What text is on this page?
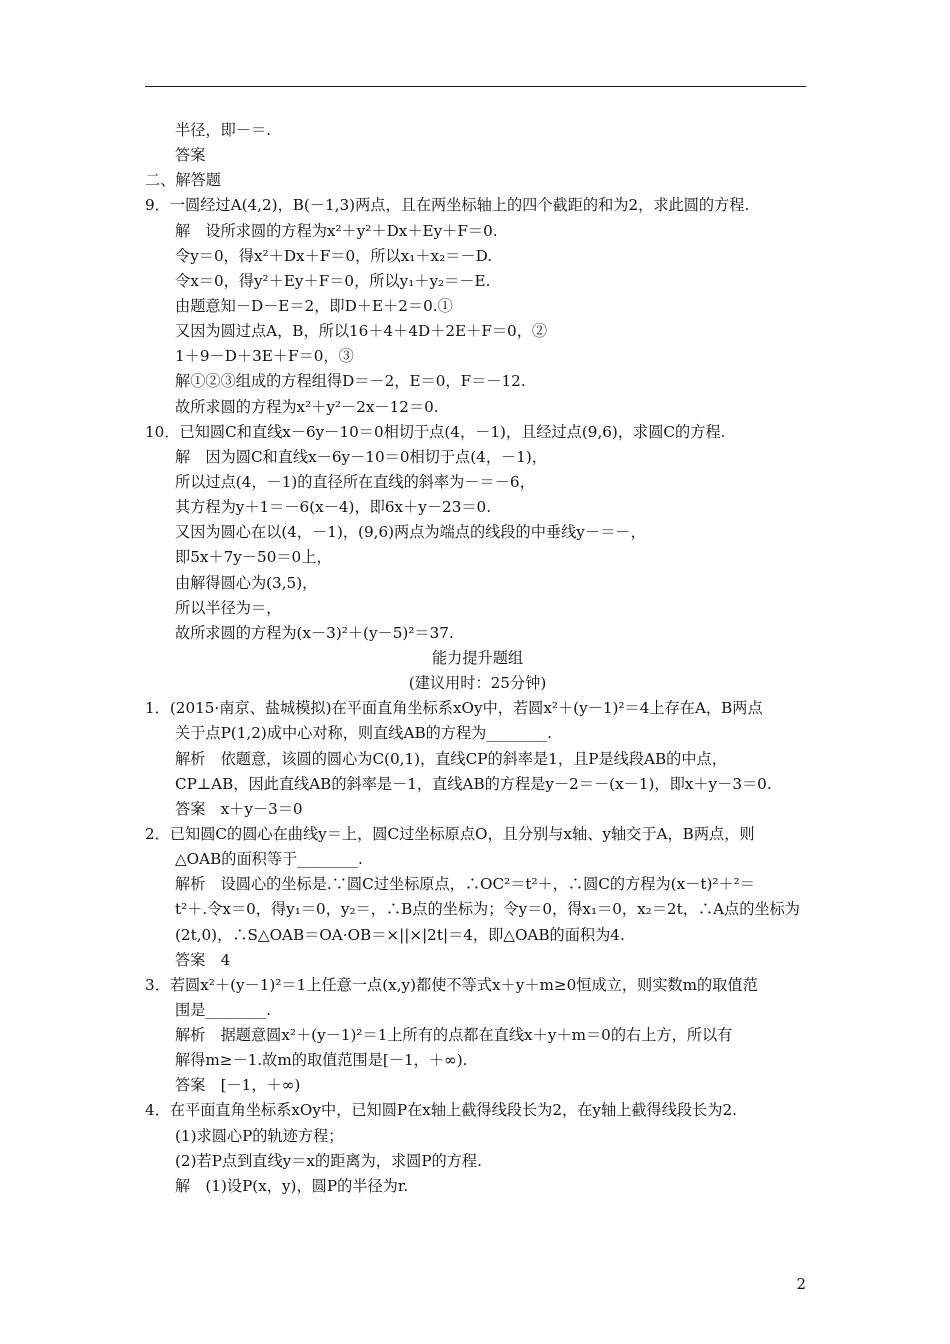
半径，即－＝.
答案
二、解答题
9．一圆经过A(4,2)，B(－1,3)两点，且在两坐标轴上的四个截距的和为2，求此圆的方程.
解　设所求圆的方程为x²＋y²＋Dx＋Ey＋F＝0.
令y＝0，得x²＋Dx＋F＝0，所以x₁＋x₂＝－D.
令x＝0，得y²＋Ey＋F＝0，所以y₁＋y₂＝－E.
由题意知－D－E＝2，即D＋E＋2＝0.①
又因为圆过点A，B，所以16＋4＋4D＋2E＋F＝0，②
1＋9－D＋3E＋F＝0，③
解①②③组成的方程组得D＝－2，E＝0，F＝－12.
故所求圆的方程为x²＋y²－2x－12＝0.
10．已知圆C和直线x－6y－10＝0相切于点(4，－1)，且经过点(9,6)，求圆C的方程.
解　因为圆C和直线x－6y－10＝0相切于点(4，－1)，
所以过点(4，－1)的直径所在直线的斜率为－＝－6，
其方程为y＋1＝－6(x－4)，即6x＋y－23＝0.
又因为圆心在以(4，－1)，(9,6)两点为端点的线段的中垂线y－＝－，
即5x＋7y－50＝0上，
由解得圆心为(3,5)，
所以半径为＝，
故所求圆的方程为(x－3)²＋(y－5)²＝37.
能力提升题组
(建议用时：25分钟)
1．(2015·南京、盐城模拟)在平面直角坐标系xOy中，若圆x²＋(y－1)²＝4上存在A，B两点
关于点P(1,2)成中心对称，则直线AB的方程为________.
解析　依题意，该圆的圆心为C(0,1)，直线CP的斜率是1，且P是线段AB的中点，
CP⊥AB，因此直线AB的斜率是－1，直线AB的方程是y－2＝－(x－1)，即x＋y－3＝0.
答案　x＋y－3＝0
2．已知圆C的圆心在曲线y＝上，圆C过坐标原点O，且分别与x轴、y轴交于A，B两点，则
△OAB的面积等于________.
解析　设圆心的坐标是.∵圆C过坐标原点，∴OC²＝t²＋，∴圆C的方程为(x－t)²＋²＝
t²＋.令x＝0，得y₁＝0，y₂＝，∴B点的坐标为；令y＝0，得x₁＝0，x₂＝2t，∴A点的坐标为
(2t,0)，∴S△OAB＝OA·OB＝×||×|2t|＝4，即△OAB的面积为4.
答案　4
3．若圆x²＋(y－1)²＝1上任意一点(x,y)都使不等式x＋y＋m≥0恒成立，则实数m的取值范
围是________.
解析　据题意圆x²＋(y－1)²＝1上所有的点都在直线x＋y＋m＝0的右上方，所以有
解得m≥－1.故m的取值范围是[－1，＋∞).
答案　[－1，＋∞)
4．在平面直角坐标系xOy中，已知圆P在x轴上截得线段长为2，在y轴上截得线段长为2.
(1)求圆心P的轨迹方程；
(2)若P点到直线y＝x的距离为，求圆P的方程.
解　(1)设P(x，y)，圆P的半径为r.
2
